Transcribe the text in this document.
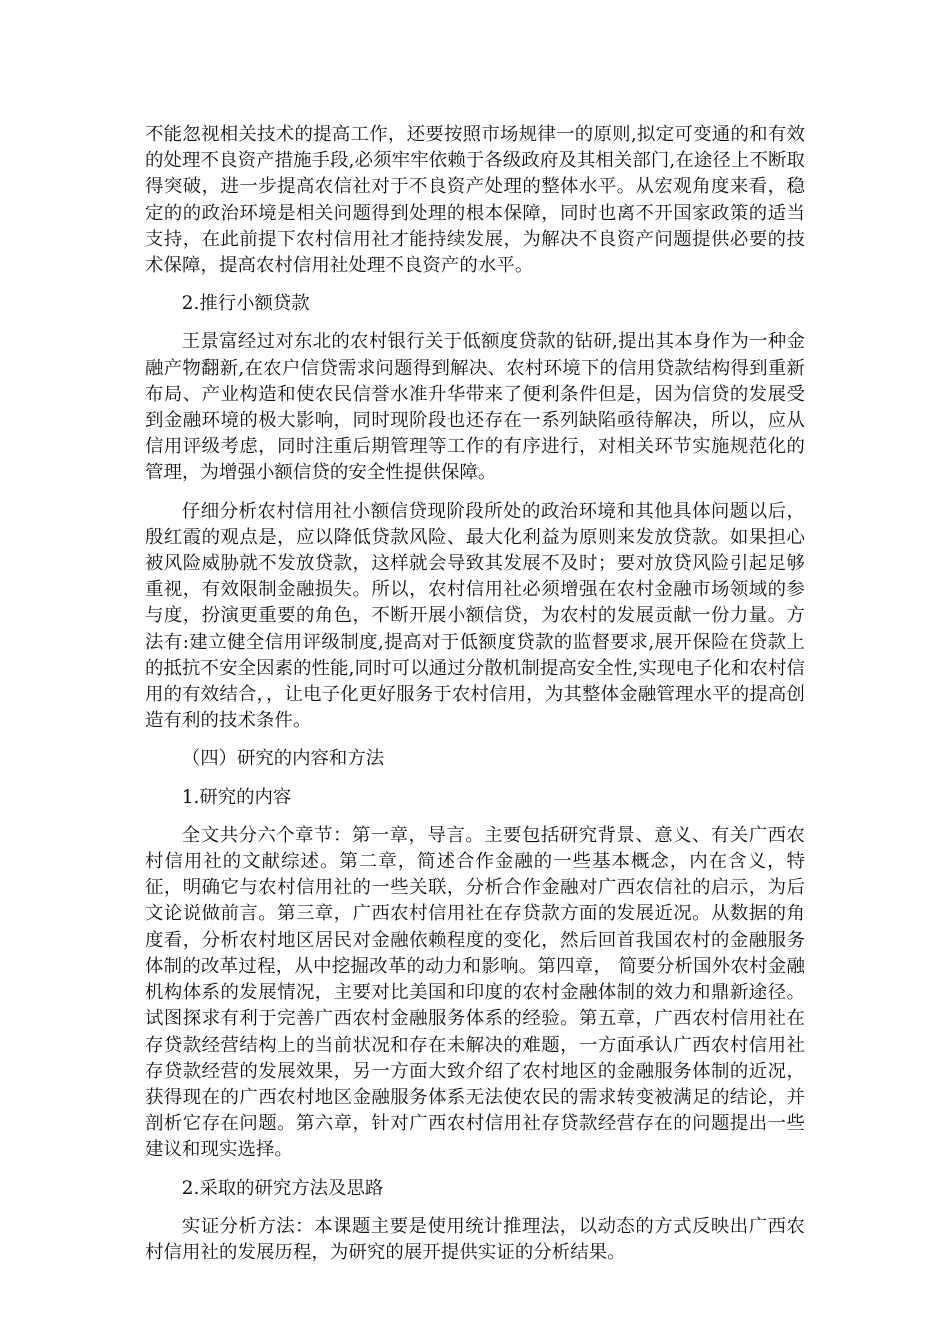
不能忽视相关技术的提高工作，还要按照市场规律一的原则,拟定可变通的和有效的处理不良资产措施手段,必须牢牢依赖于各级政府及其相关部门,在途径上不断取得突破，进一步提高农信社对于不良资产处理的整体水平。从宏观角度来看，稳定的的政治环境是相关问题得到处理的根本保障，同时也离不开国家政策的适当支持，在此前提下农村信用社才能持续发展，为解决不良资产问题提供必要的技术保障，提高农村信用社处理不良资产的水平。

2.推行小额贷款

王景富经过对东北的农村银行关于低额度贷款的钻研,提出其本身作为一种金融产物翻新,在农户信贷需求问题得到解决、农村环境下的信用贷款结构得到重新布局、产业构造和使农民信誉水准升华带来了便利条件但是，因为信贷的发展受到金融环境的极大影响，同时现阶段也还存在一系列缺陷亟待解决，所以，应从信用评级考虑，同时注重后期管理等工作的有序进行，对相关环节实施规范化的管理，为增强小额信贷的安全性提供保障。

仔细分析农村信用社小额信贷现阶段所处的政治环境和其他具体问题以后，殷红霞的观点是，应以降低贷款风险、最大化利益为原则来发放贷款。如果担心被风险威胁就不发放贷款，这样就会导致其发展不及时；要对放贷风险引起足够重视，有效限制金融损失。所以，农村信用社必须增强在农村金融市场领域的参与度，扮演更重要的角色，不断开展小额信贷，为农村的发展贡献一份力量。方法有:建立健全信用评级制度,提高对于低额度贷款的监督要求,展开保险在贷款上的抵抗不安全因素的性能,同时可以通过分散机制提高安全性,实现电子化和农村信用的有效结合，，让电子化更好服务于农村信用，为其整体金融管理水平的提高创造有利的技术条件。

（四）研究的内容和方法

1.研究的内容

全文共分六个章节：第一章，导言。主要包括研究背景、意义、有关广西农村信用社的文献综述。第二章，简述合作金融的一些基本概念，内在含义，特征，明确它与农村信用社的一些关联，分析合作金融对广西农信社的启示，为后文论说做前言。第三章，广西农村信用社在存贷款方面的发展近况。从数据的角度看，分析农村地区居民对金融依赖程度的变化，然后回首我国农村的金融服务体制的改革过程，从中挖掘改革的动力和影响。第四章， 简要分析国外农村金融机构体系的发展情况，主要对比美国和印度的农村金融体制的效力和鼎新途径。试图探求有利于完善广西农村金融服务体系的经验。第五章，广西农村信用社在存贷款经营结构上的当前状况和存在未解决的难题，一方面承认广西农村信用社存贷款经营的发展效果，另一方面大致介绍了农村地区的金融服务体制的近况，获得现在的广西农村地区金融服务体系无法使农民的需求转变被满足的结论，并剖析它存在问题。第六章，针对广西农村信用社存贷款经营存在的问题提出一些建议和现实选择。

2.采取的研究方法及思路

实证分析方法：本课题主要是使用统计推理法，以动态的方式反映出广西农村信用社的发展历程，为研究的展开提供实证的分析结果。
